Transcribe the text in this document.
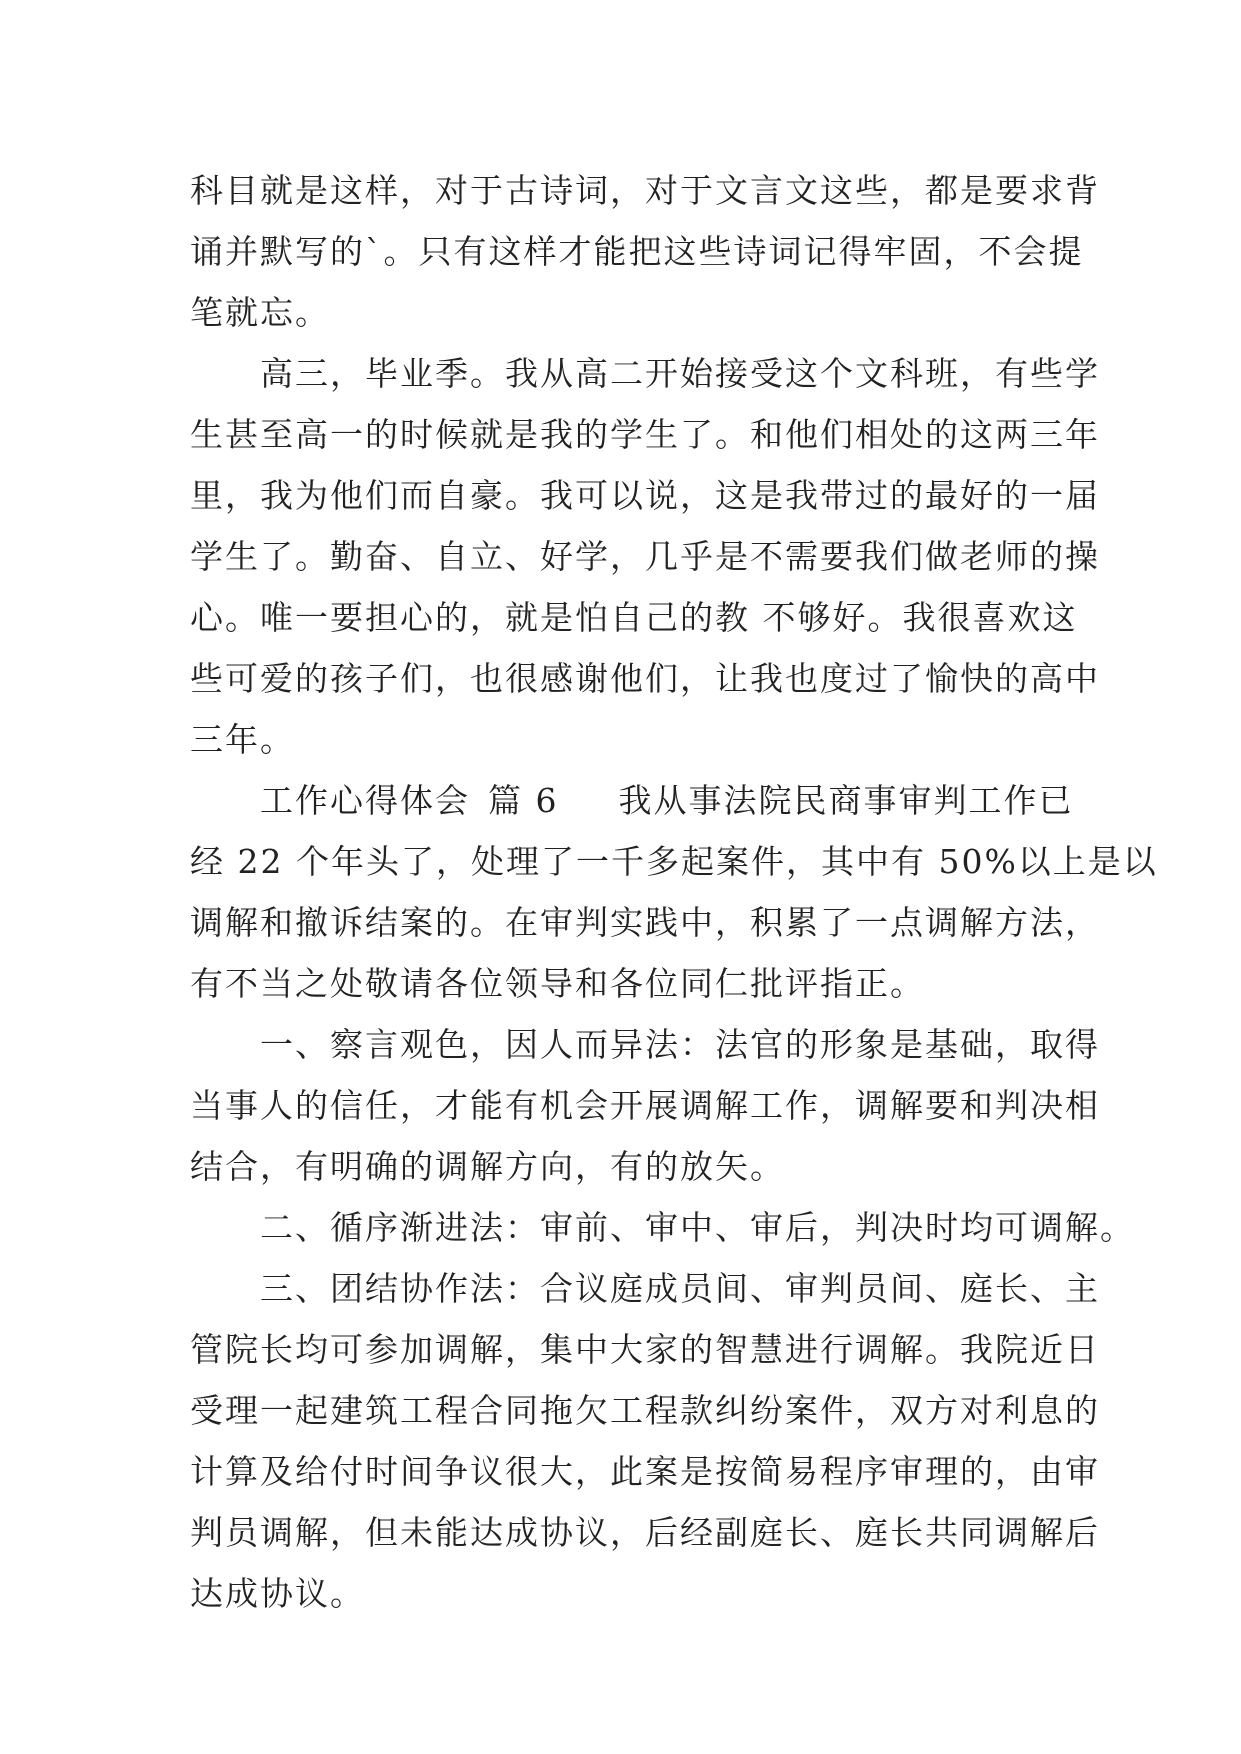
科目就是这样，对于古诗词，对于文言文这些，都是要求背
诵并默写的`。只有这样才能把这些诗词记得牢固，不会提
笔就忘。

高三，毕业季。我从高二开始接受这个文科班，有些学
生甚至高一的时候就是我的学生了。和他们相处的这两三年
里，我为他们而自豪。我可以说，这是我带过的最好的一届
学生了。勤奋、自立、好学，几乎是不需要我们做老师的操
心。唯一要担心的，就是怕自己的教 不够好。我很喜欢这
些可爱的孩子们，也很感谢他们，让我也度过了愉快的高中
三年。

工作心得体会 篇 6 我从事法院民商事审判工作已
经 22 个年头了，处理了一千多起案件，其中有 50%以上是以
调解和撤诉结案的。在审判实践中，积累了一点调解方法，
有不当之处敬请各位领导和各位同仁批评指正。

一、察言观色，因人而异法：法官的形象是基础，取得
当事人的信任，才能有机会开展调解工作，调解要和判决相
结合，有明确的调解方向，有的放矢。

二、循序渐进法：审前、审中、审后，判决时均可调解。

三、团结协作法：合议庭成员间、审判员间、庭长、主
管院长均可参加调解，集中大家的智慧进行调解。我院近日
受理一起建筑工程合同拖欠工程款纠纷案件，双方对利息的
计算及给付时间争议很大，此案是按简易程序审理的，由审
判员调解，但未能达成协议，后经副庭长、庭长共同调解后
达成协议。
